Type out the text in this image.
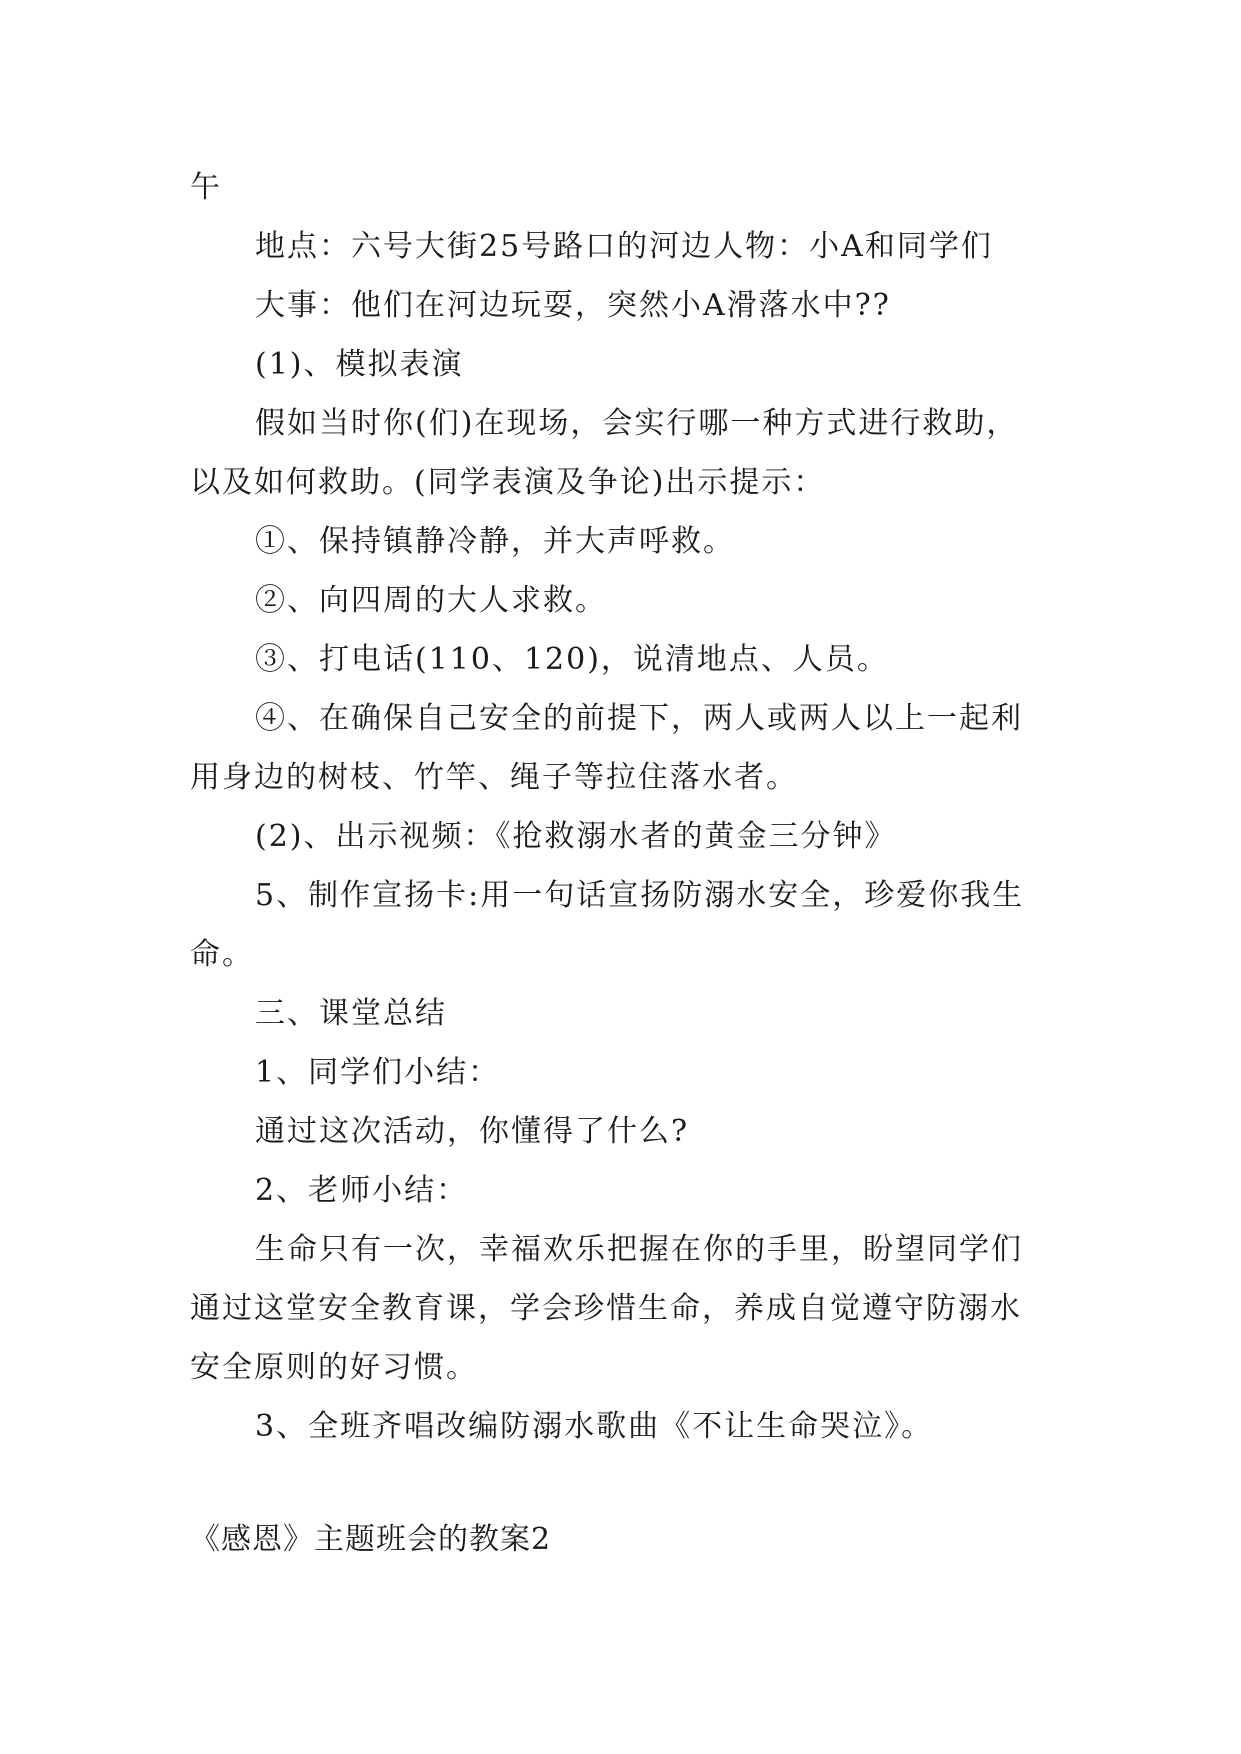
午
地点：六号大街25号路口的河边人物：小A和同学们
大事：他们在河边玩耍，突然小A滑落水中??
(1)、模拟表演
假如当时你(们)在现场，会实行哪一种方式进行救助，
以及如何救助。(同学表演及争论)出示提示：
①、保持镇静冷静，并大声呼救。
②、向四周的大人求救。
③、打电话(110、120)，说清地点、人员。
④、在确保自己安全的前提下，两人或两人以上一起利
用身边的树枝、竹竿、绳子等拉住落水者。
(2)、出示视频：《抢救溺水者的黄金三分钟》
5、制作宣扬卡:用一句话宣扬防溺水安全，珍爱你我生
命。
三、课堂总结
1、同学们小结：
通过这次活动，你懂得了什么?
2、老师小结：
生命只有一次，幸福欢乐把握在你的手里，盼望同学们
通过这堂安全教育课，学会珍惜生命，养成自觉遵守防溺水
安全原则的好习惯。
3、全班齐唱改编防溺水歌曲《不让生命哭泣》。
《感恩》主题班会的教案2
